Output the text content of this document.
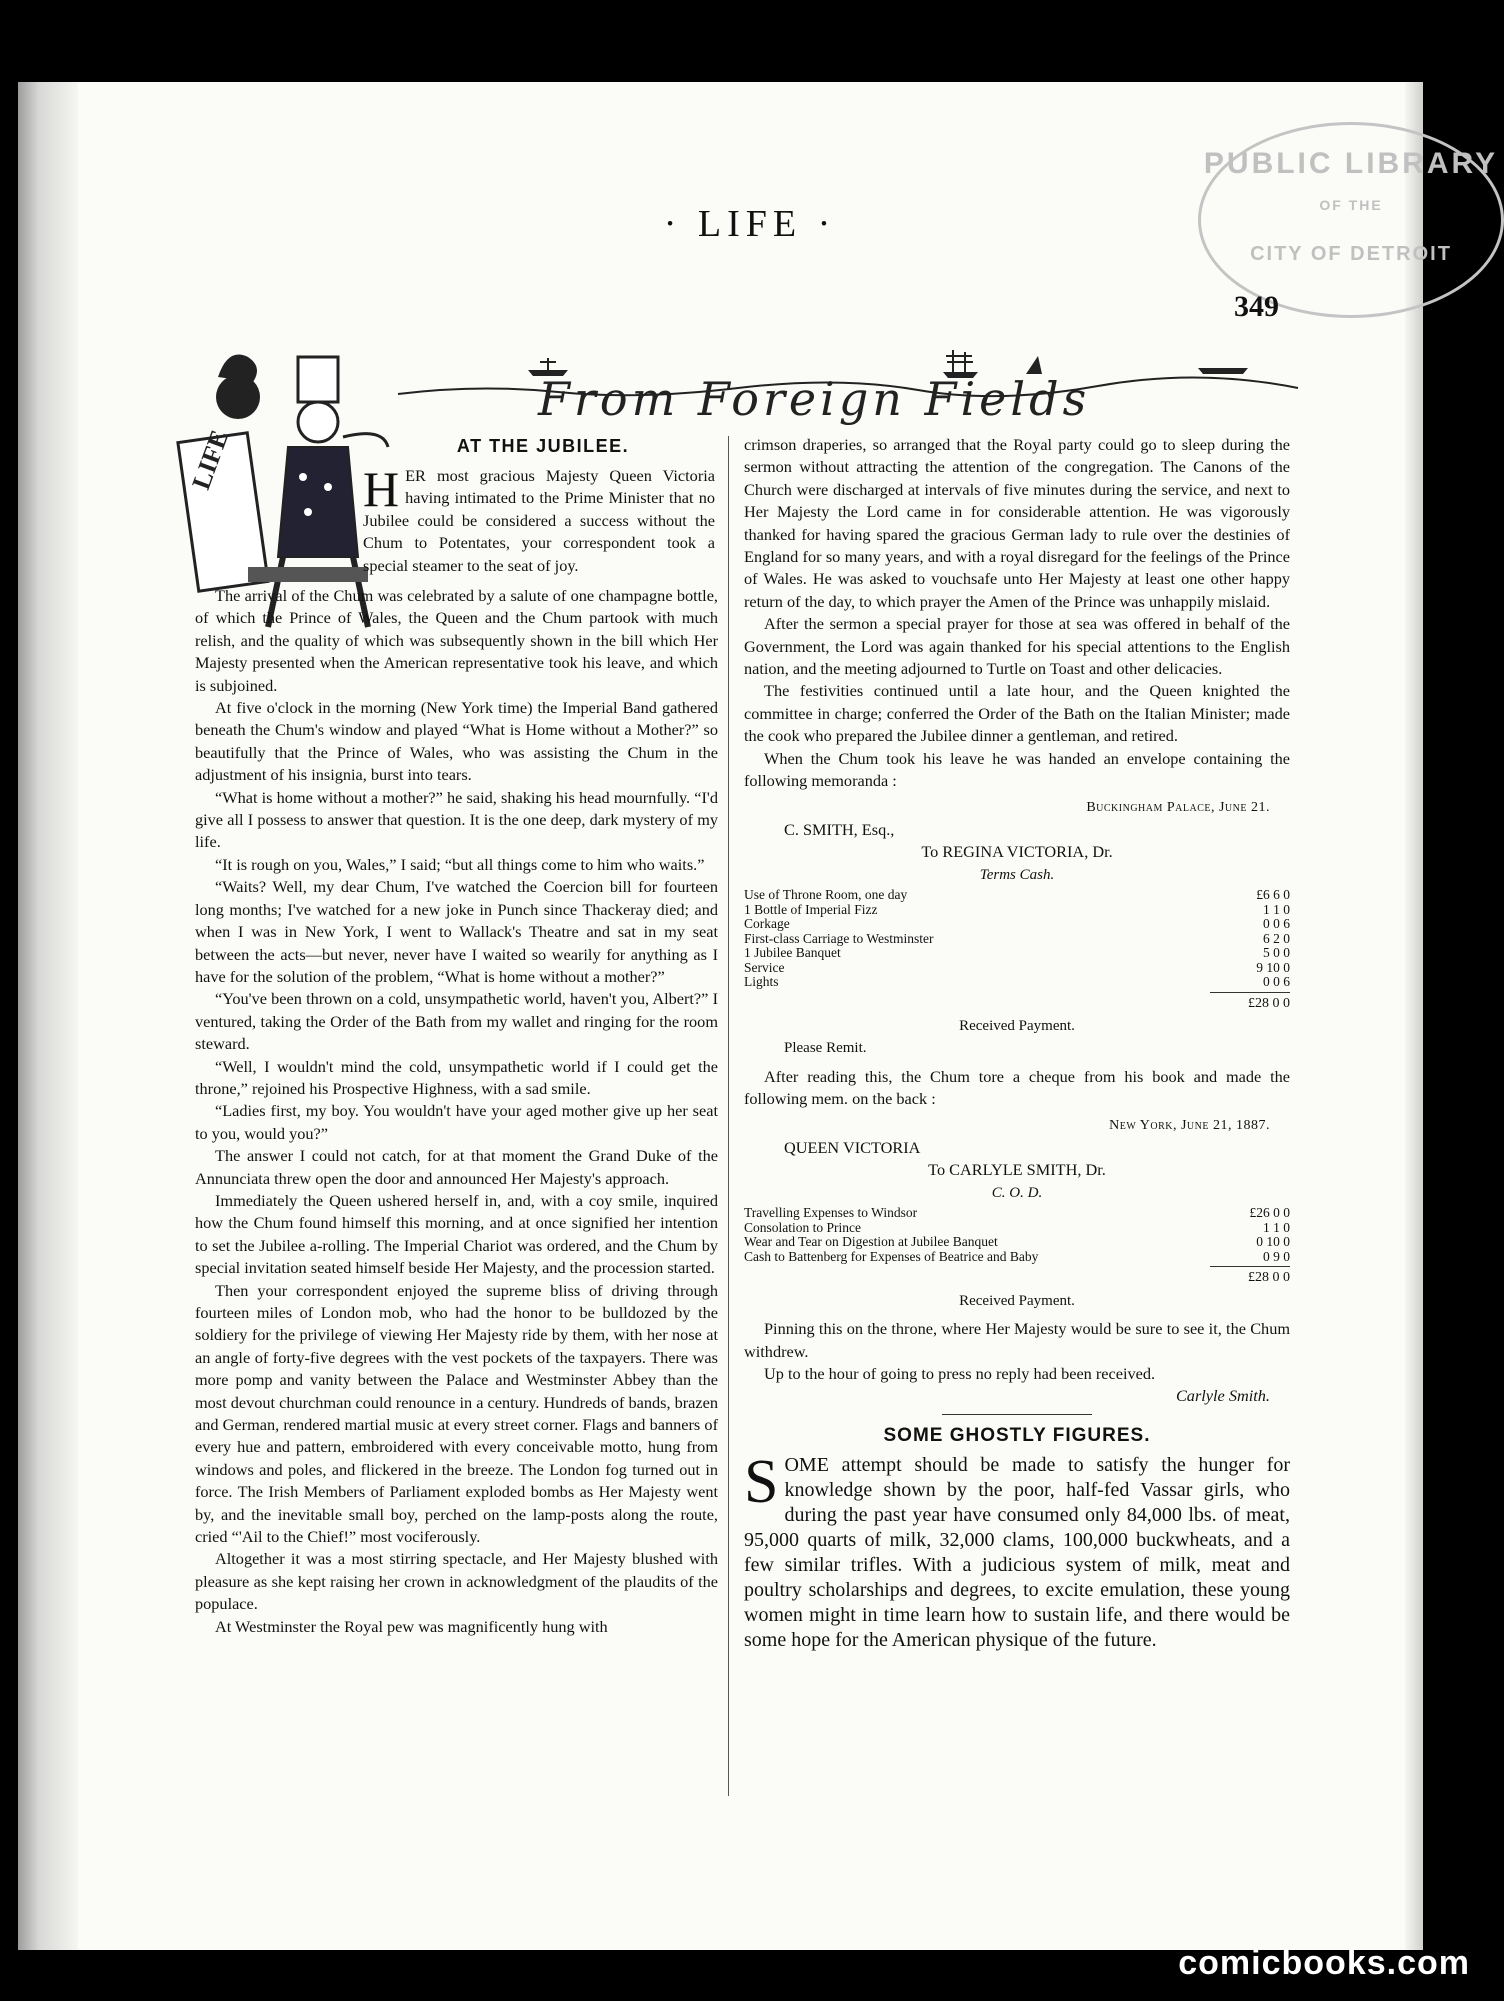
PUBLIC LIBRARY
OF THE
CITY OF DETROIT
· LIFE ·
349
From Foreign Fields
LIFE	AT THE JUBILEE.
HER most gracious Majesty Queen Victoria having intimated to the Prime Minister that no Jubilee could be considered a success without the Chum to Potentates, your correspondent took a special steamer to the seat of joy.

The arrival of the Chum was celebrated by a salute of one champagne bottle, of which the Prince of Wales, the Queen and the Chum partook with much relish, and the quality of which was subsequently shown in the bill which Her Majesty presented when the American representative took his leave, and which is subjoined.

At five o'clock in the morning (New York time) the Imperial Band gathered beneath the Chum's window and played “What is Home without a Mother?” so beautifully that the Prince of Wales, who was assisting the Chum in the adjustment of his insignia, burst into tears.

“What is home without a mother?” he said, shaking his head mournfully. “I'd give all I possess to answer that question. It is the one deep, dark mystery of my life.

“It is rough on you, Wales,” I said; “but all things come to him who waits.”

“Waits? Well, my dear Chum, I've watched the Coercion bill for fourteen long months; I've watched for a new joke in Punch since Thackeray died; and when I was in New York, I went to Wallack's Theatre and sat in my seat between the acts—but never, never have I waited so wearily for anything as I have for the solution of the problem, “What is home without a mother?”

“You've been thrown on a cold, unsympathetic world, haven't you, Albert?” I ventured, taking the Order of the Bath from my wallet and ringing for the room steward.

“Well, I wouldn't mind the cold, unsympathetic world if I could get the throne,” rejoined his Prospective Highness, with a sad smile.

“Ladies first, my boy. You wouldn't have your aged mother give up her seat to you, would you?”

The answer I could not catch, for at that moment the Grand Duke of the Annunciata threw open the door and announced Her Majesty's approach.

Immediately the Queen ushered herself in, and, with a coy smile, inquired how the Chum found himself this morning, and at once signified her intention to set the Jubilee a-rolling. The Imperial Chariot was ordered, and the Chum by special invitation seated himself beside Her Majesty, and the procession started.

Then your correspondent enjoyed the supreme bliss of driving through fourteen miles of London mob, who had the honor to be bulldozed by the soldiery for the privilege of viewing Her Majesty ride by them, with her nose at an angle of forty-five degrees with the vest pockets of the taxpayers. There was more pomp and vanity between the Palace and Westminster Abbey than the most devout churchman could renounce in a century. Hundreds of bands, brazen and German, rendered martial music at every street corner. Flags and banners of every hue and pattern, embroidered with every conceivable motto, hung from windows and poles, and flickered in the breeze. The London fog turned out in force. The Irish Members of Parliament exploded bombs as Her Majesty went by, and the inevitable small boy, perched on the lamp-posts along the route, cried “'Ail to the Chief!” most vociferously.

Altogether it was a most stirring spectacle, and Her Majesty blushed with pleasure as she kept raising her crown in acknowledgment of the plaudits of the populace.

At Westminster the Royal pew was magnificently hung with

crimson draperies, so arranged that the Royal party could go to sleep during the sermon without attracting the attention of the congregation. The Canons of the Church were discharged at intervals of five minutes during the service, and next to Her Majesty the Lord came in for considerable attention. He was vigorously thanked for having spared the gracious German lady to rule over the destinies of England for so many years, and with a royal disregard for the feelings of the Prince of Wales. He was asked to vouchsafe unto Her Majesty at least one other happy return of the day, to which prayer the Amen of the Prince was unhappily mislaid.

After the sermon a special prayer for those at sea was offered in behalf of the Government, the Lord was again thanked for his special attentions to the English nation, and the meeting adjourned to Turtle on Toast and other delicacies.

The festivities continued until a late hour, and the Queen knighted the committee in charge; conferred the Order of the Bath on the Italian Minister; made the cook who prepared the Jubilee dinner a gentleman, and retired.

When the Chum took his leave he was handed an envelope containing the following memoranda :

Buckingham Palace, June 21.
C. SMITH, Esq.,
To REGINA VICTORIA, Dr.
Terms Cash.
Use of Throne Room, one day	£6 6 0
1 Bottle of Imperial Fizz	1 1 0
Corkage	0 0 6
First-class Carriage to Westminster	6 2 0
1 Jubilee Banquet	5 0 0
Service	9 10 0
Lights	0 0 6
£28 0 0
Received Payment.
Please Remit.

After reading this, the Chum tore a cheque from his book and made the following mem. on the back :

New York, June 21, 1887.
QUEEN VICTORIA
To CARLYLE SMITH, Dr.
C. O. D.
Travelling Expenses to Windsor	£26 0 0
Consolation to Prince	1 1 0
Wear and Tear on Digestion at Jubilee Banquet	0 10 0
Cash to Battenberg for Expenses of Beatrice and Baby	0 9 0
£28 0 0
Received Payment.

Pinning this on the throne, where Her Majesty would be sure to see it, the Chum withdrew.

Up to the hour of going to press no reply had been received.

Carlyle Smith.
SOME GHOSTLY FIGURES.
SOME attempt should be made to satisfy the hunger for knowledge shown by the poor, half-fed Vassar girls, who during the past year have consumed only 84,000 lbs. of meat, 95,000 quarts of milk, 32,000 clams, 100,000 buckwheats, and a few similar trifles. With a judicious system of milk, meat and poultry scholarships and degrees, to excite emulation, these young women might in time learn how to sustain life, and there would be some hope for the American physique of the future.
comicbooks.com
